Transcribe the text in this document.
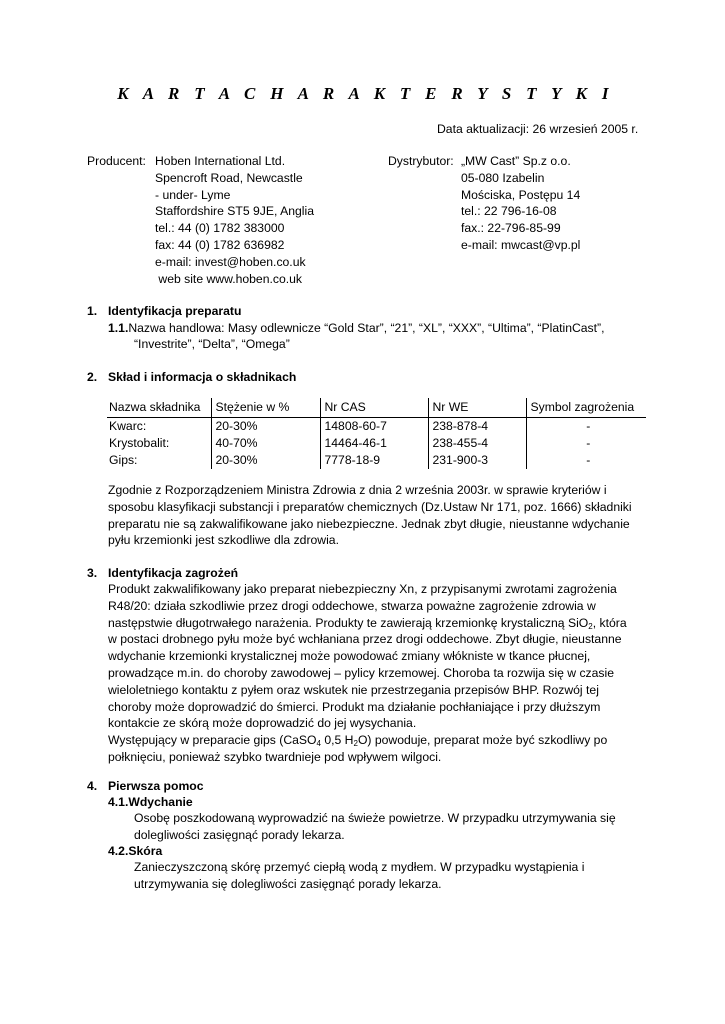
K A R T A C H A R A K T E R Y S T Y K I
Data aktualizacji: 26 wrzesień 2005 r.
Producent: Hoben International Ltd.
Spencroft Road, Newcastle
- under- Lyme
Staffordshire ST5 9JE, Anglia
tel.: 44 (0) 1782 383000
fax: 44 (0) 1782 636982
e-mail: invest@hoben.co.uk
web site www.hoben.co.uk
Dystrybutor: „MW Cast” Sp.z o.o.
05-080 Izabelin
Mościska, Postępu 14
tel.: 22 796-16-08
fax.: 22-796-85-99
e-mail: mwcast@vp.pl
1. Identyfikacja preparatu
1.1.Nazwa handlowa: Masy odlewnicze “Gold Star”, “21”, “XL”, “XXX”, “Ultima”, “PlatinCast”,
“Investrite”, “Delta”, “Omega”
2. Skład i informacja o składnikach
Nazwa składnika	Stężenie w %	Nr CAS	Nr WE	Symbol zagrożenia
Kwarc:	20-30%	14808-60-7	238-878-4	-
Krystobalit:	40-70%	14464-46-1	238-455-4	-
Gips:	20-30%	7778-18-9	231-900-3	-
Zgodnie z Rozporządzeniem Ministra Zdrowia z dnia 2 września 2003r. w sprawie kryteriów i
sposobu klasyfikacji substancji i preparatów chemicznych (Dz.Ustaw Nr 171, poz. 1666) składniki
preparatu nie są zakwalifikowane jako niebezpieczne. Jednak zbyt długie, nieustanne wdychanie
pyłu krzemionki jest szkodliwe dla zdrowia.
3. Identyfikacja zagrożeń
Produkt zakwalifikowany jako preparat niebezpieczny Xn, z przypisanymi zwrotami zagrożenia
R48/20: działa szkodliwie przez drogi oddechowe, stwarza poważne zagrożenie zdrowia w
następstwie długotrwałego narażenia. Produkty te zawierają krzemionkę krystaliczną SiO$_2$, która
w postaci drobnego pyłu może być wchłaniana przez drogi oddechowe. Zbyt długie, nieustanne
wdychanie krzemionki krystalicznej może powodować zmiany włókniste w tkance płucnej,
prowadzące m.in. do choroby zawodowej – pylicy krzemowej. Choroba ta rozwija się w czasie
wieloletniego kontaktu z pyłem oraz wskutek nie przestrzegania przepisów BHP. Rozwój tej
choroby może doprowadzić do śmierci. Produkt ma działanie pochłaniające i przy dłuższym
kontakcie ze skórą może doprowadzić do jej wysychania.
Występujący w preparacie gips (CaSO$_4$ 0,5 $H_2O$) powoduje, preparat może być szkodliwy po
połknięciu, ponieważ szybko twardnieje pod wpływem wilgoci.
4. Pierwsza pomoc
4.1.Wdychanie
Osobę poszkodowaną wyprowadzić na świeże powietrze. W przypadku utrzymywania się
dolegliwości zasięgnąć porady lekarza.
4.2.Skóra
Zanieczyszczoną skórę przemyć ciepłą wodą z mydłem. W przypadku wystąpienia i
utrzymywania się dolegliwości zasięgnąć porady lekarza.
